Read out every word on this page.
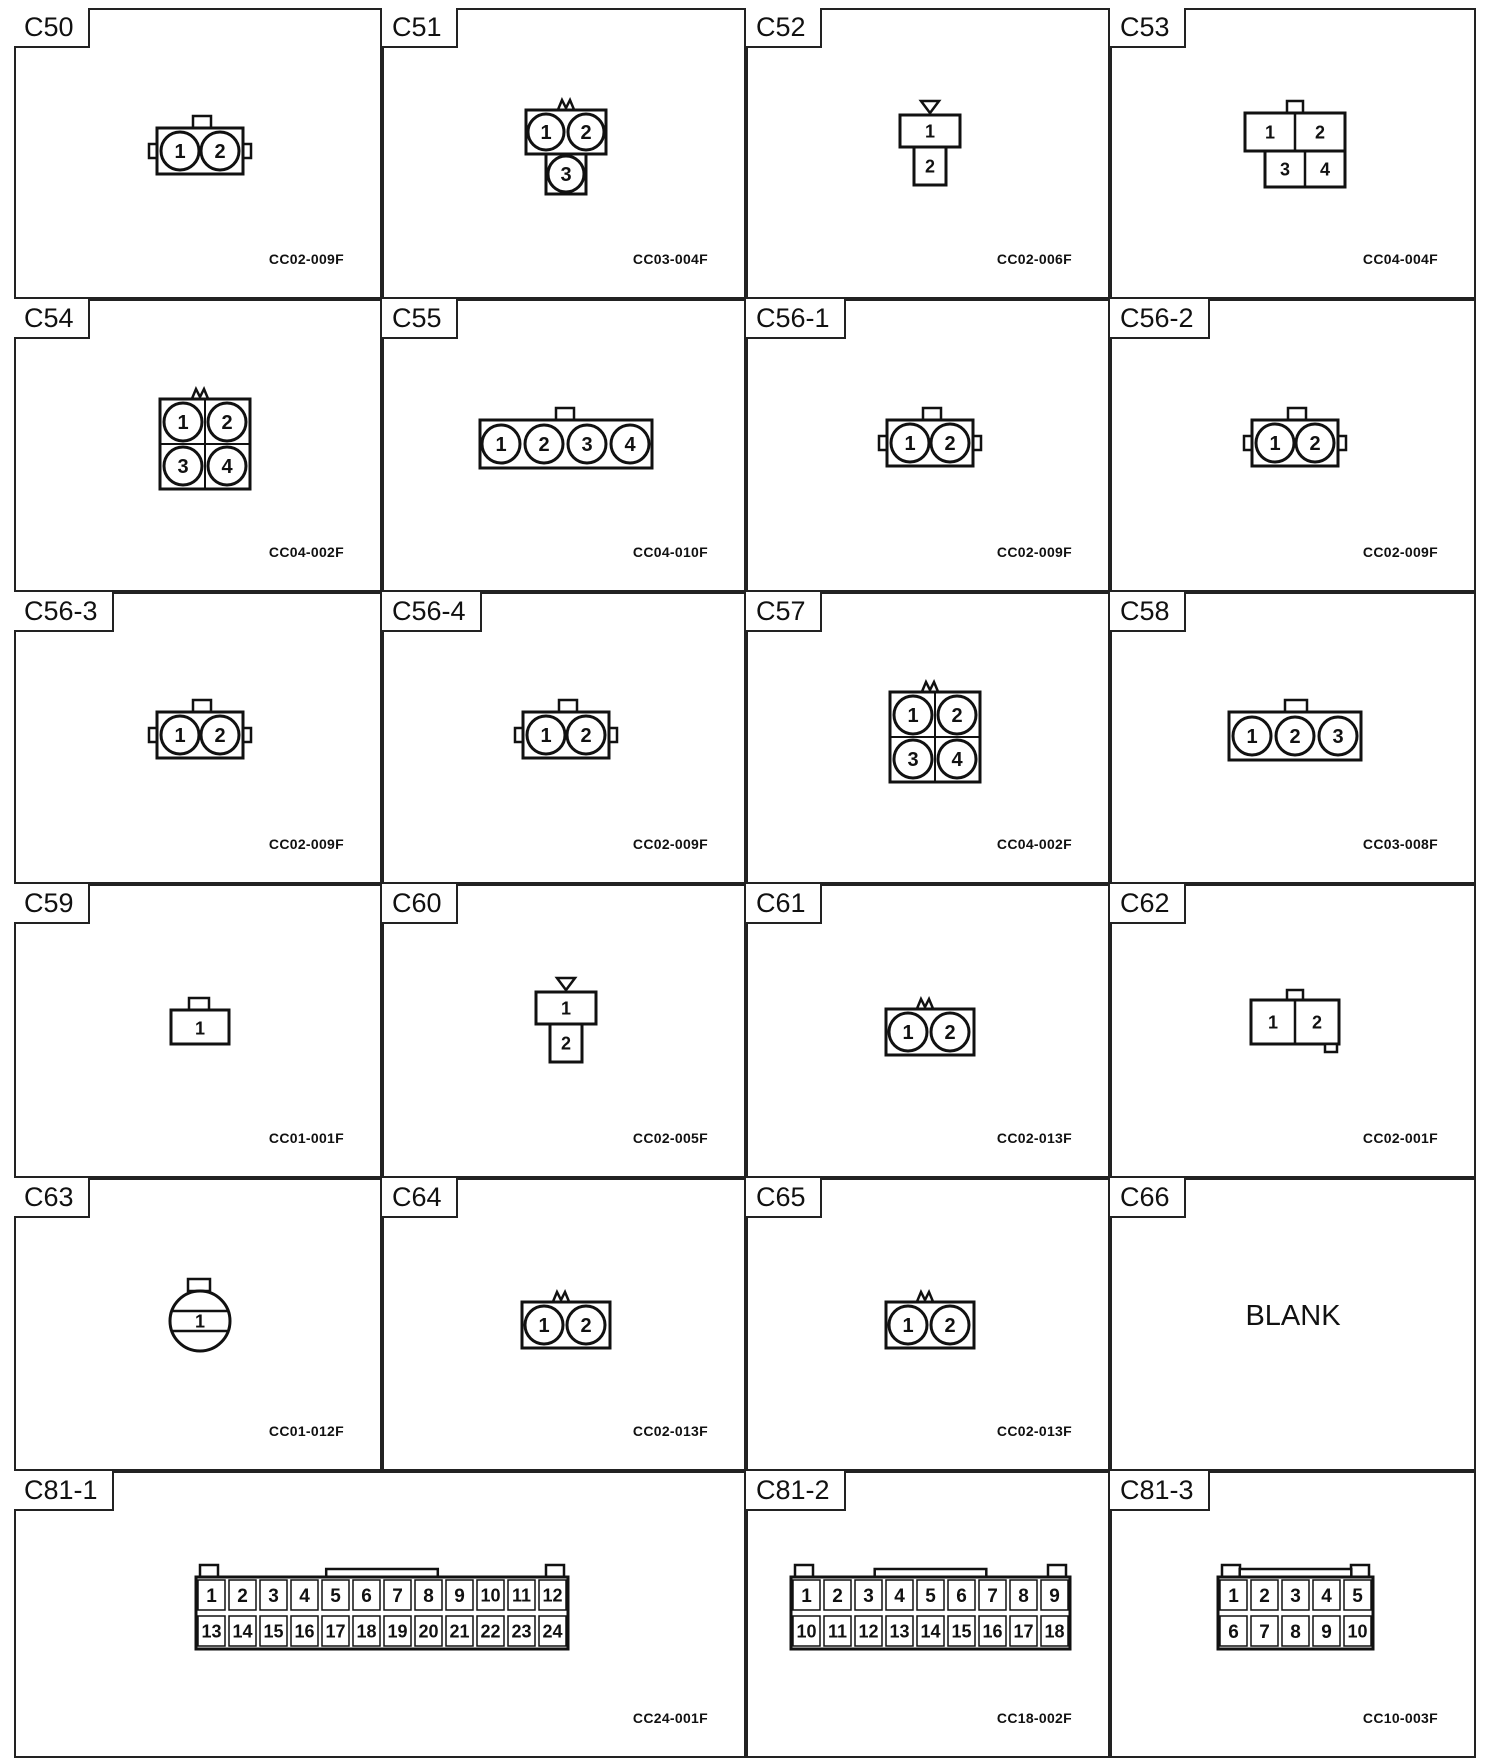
C50
1 2
CC02-009F
C51
1 2
3
CC03-004F
C52
1
2
CC02-006F
C53
1 2
3 4
CC04-004F
C54
1 2
3 4
CC04-002F
C55
1 2 3 4
CC04-010F
C56-1
1 2
CC02-009F
C56-2
1 2
CC02-009F
C56-3
1 2
CC02-009F
C56-4
1 2
CC02-009F
C57
1 2
3 4
CC04-002F
C58
1 2 3
CC03-008F
C59
1
CC01-001F
C60
1
2
CC02-005F
C61
1 2
CC02-013F
C62
1 2
CC02-001F
C63
1
CC01-012F
C64
1 2
CC02-013F
C65
1 2
CC02-013F
C66
BLANK
C81-1
1 2 3 4 5 6 7 8 9 10 11 12
13 14 15 16 17 18 19 20 21 22 23 24
CC24-001F
C81-2
1 2 3 4 5 6 7 8 9
10 11 12 13 14 15 16 17 18
CC18-002F
C81-3
1 2 3 4 5
6 7 8 9 10
CC10-003F
